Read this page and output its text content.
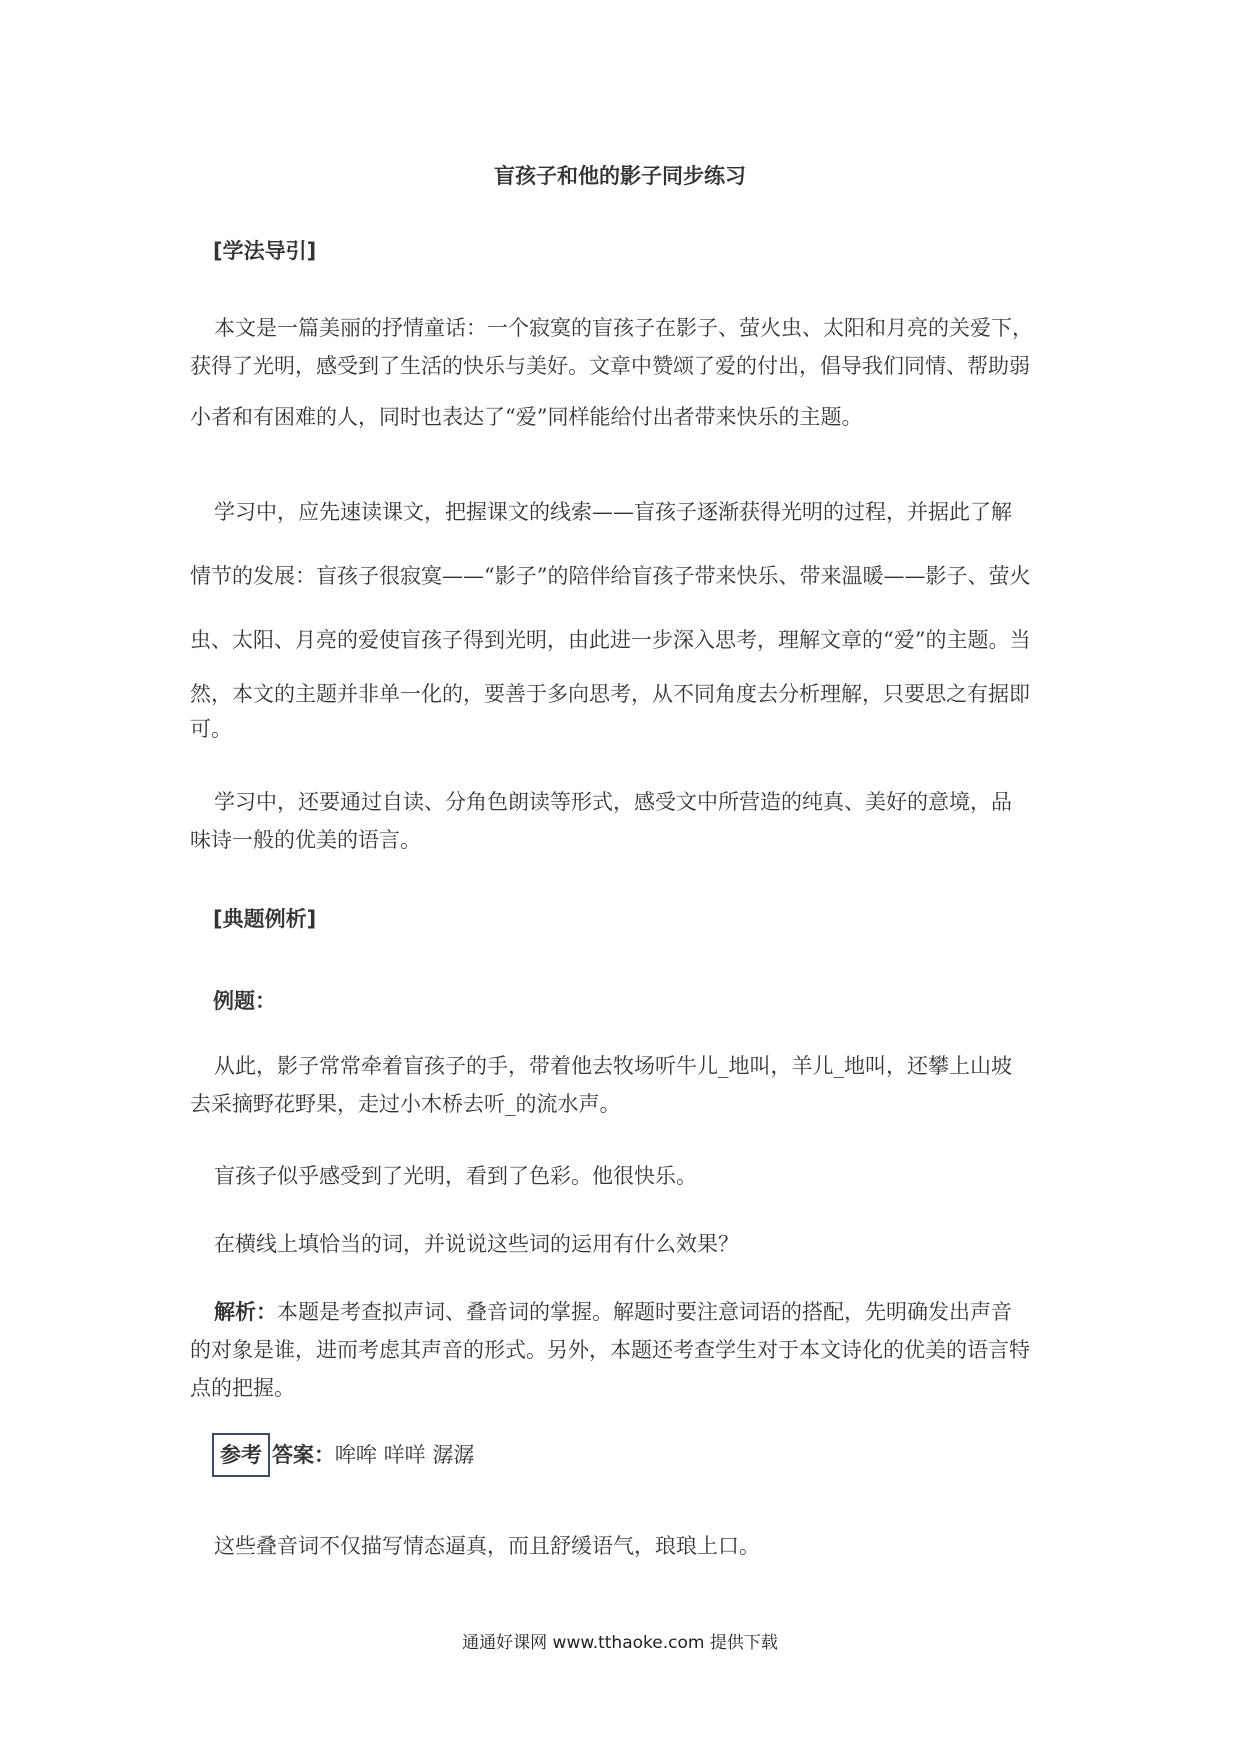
盲孩子和他的影子同步练习
[学法导引]
本文是一篇美丽的抒情童话：一个寂寞的盲孩子在影子、萤火虫、太阳和月亮的关爱下，
获得了光明，感受到了生活的快乐与美好。文章中赞颂了爱的付出，倡导我们同情、帮助弱
小者和有困难的人，同时也表达了“爱”同样能给付出者带来快乐的主题。
学习中，应先速读课文，把握课文的线索——盲孩子逐渐获得光明的过程，并据此了解
情节的发展：盲孩子很寂寞——“影子”的陪伴给盲孩子带来快乐、带来温暖——影子、萤火
虫、太阳、月亮的爱使盲孩子得到光明，由此进一步深入思考，理解文章的“爱”的主题。当
然，本文的主题并非单一化的，要善于多向思考，从不同角度去分析理解，只要思之有据即
可。
学习中，还要通过自读、分角色朗读等形式，感受文中所营造的纯真、美好的意境，品
味诗一般的优美的语言。
[典题例析]
例题：
从此，影子常常牵着盲孩子的手，带着他去牧场听牛儿_地叫，羊儿_地叫，还攀上山坡
去采摘野花野果，走过小木桥去听_的流水声。
盲孩子似乎感受到了光明，看到了色彩。他很快乐。
在横线上填恰当的词，并说说这些词的运用有什么效果？
解析：本题是考查拟声词、叠音词的掌握。解题时要注意词语的搭配，先明确发出声音
的对象是谁，进而考虑其声音的形式。另外，本题还考查学生对于本文诗化的优美的语言特
点的把握。
参考 答案：哞哞 咩咩 潺潺
这些叠音词不仅描写情态逼真，而且舒缓语气，琅琅上口。
通通好课网 www.tthaoke.com 提供下载
